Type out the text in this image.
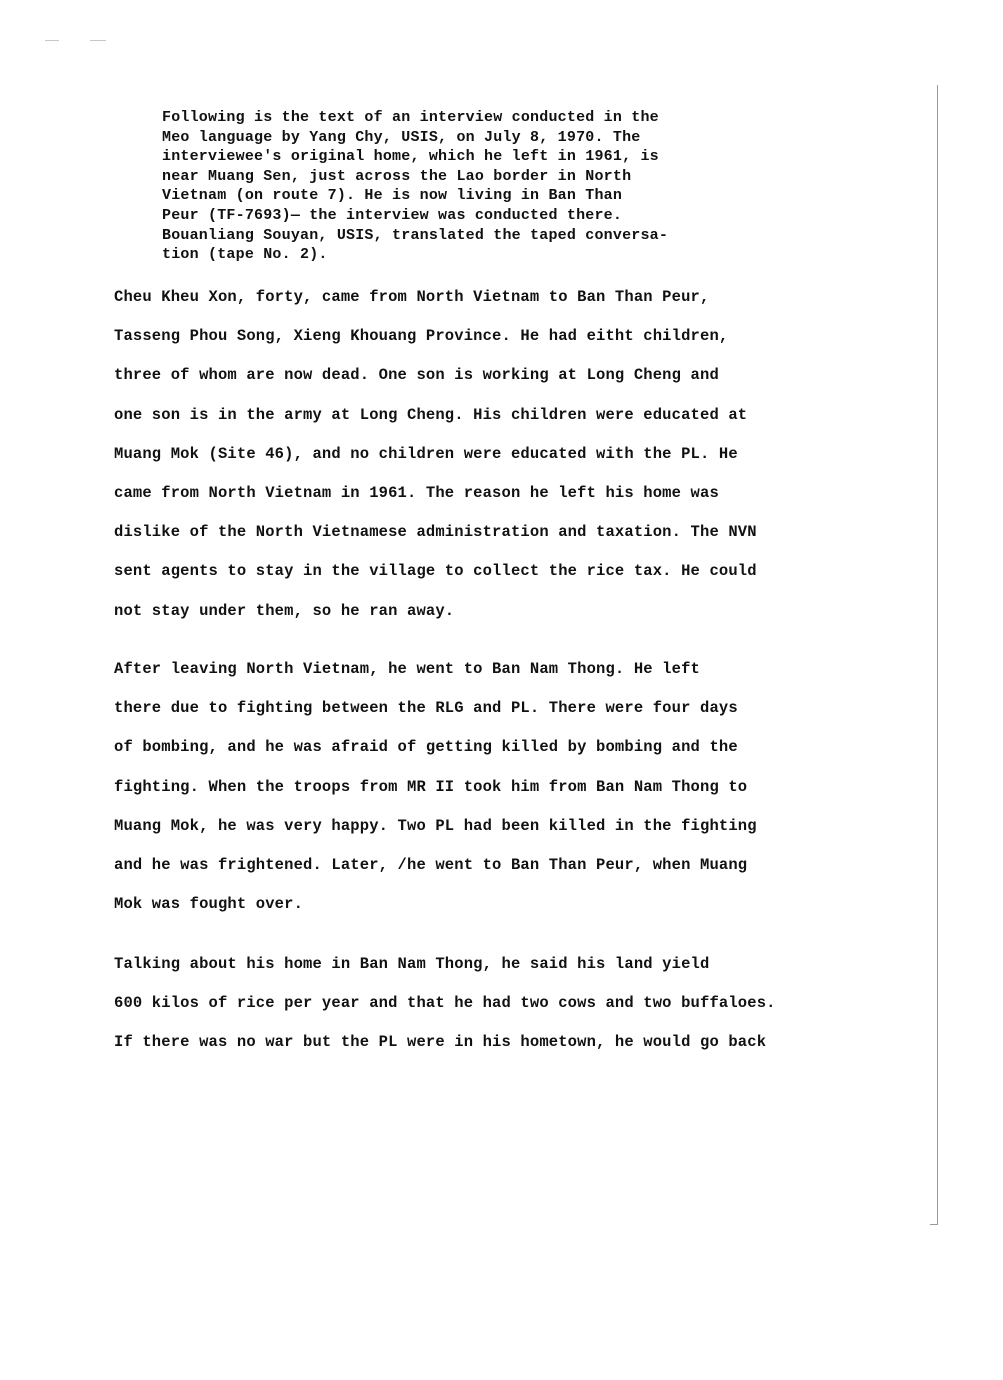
Following is the text of an interview conducted in the
Meo language by Yang Chy, USIS, on July 8, 1970. The
interviewee's original home, which he left in 1961, is
near Muang Sen, just across the Lao border in North
Vietnam (on route 7). He is now living in Ban Than
Peur (TF-7693)— the interview was conducted there.
Bouanliang Souyan, USIS, translated the taped conversa-
tion (tape No. 2).
Cheu Kheu Xon, forty, came from North Vietnam to Ban Than Peur,
Tasseng Phou Song, Xieng Khouang Province. He had eitht children,
three of whom are now dead. One son is working at Long Cheng and
one son is in the army at Long Cheng. His children were educated at
Muang Mok (Site 46), and no children were educated with the PL. He
came from North Vietnam in 1961. The reason he left his home was
dislike of the North Vietnamese administration and taxation. The NVN
sent agents to stay in the village to collect the rice tax. He could
not stay under them, so he ran away.
After leaving North Vietnam, he went to Ban Nam Thong. He left
there due to fighting between the RLG and PL. There were four days
of bombing, and he was afraid of getting killed by bombing and the
fighting. When the troops from MR II took him from Ban Nam Thong to
Muang Mok, he was very happy. Two PL had been killed in the fighting
and he was frightened. Later, /he went to Ban Than Peur, when Muang
Mok was fought over.
Talking about his home in Ban Nam Thong, he said his land yield
600 kilos of rice per year and that he had two cows and two buffaloes.
If there was no war but the PL were in his hometown, he would go back
